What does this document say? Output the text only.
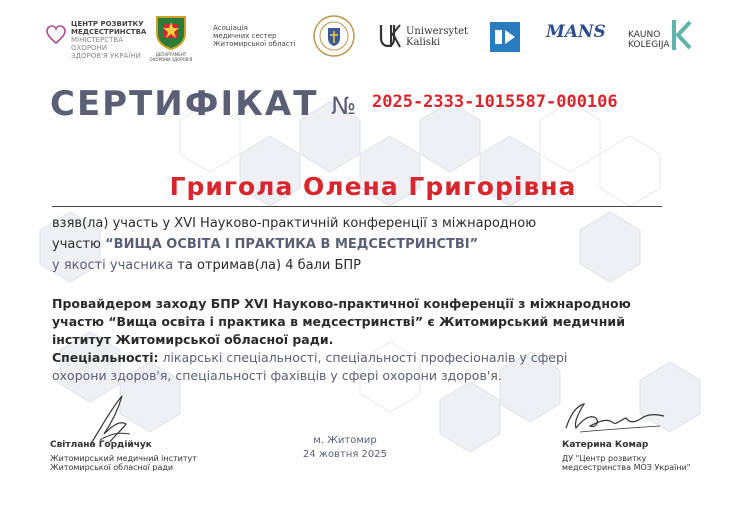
ЦЕНТР РОЗВИТКУ
МЕДСЕСТРИНСТВА
МІНІСТЕРСТВА ОХОРОНИ
ЗДОРОВ'Я УКРАЇНИ	ДЕПАРТАМЕНТ ОХОРОНИ ЗДОРОВ'Я
Асоціація
медичних сестер
Житомирської області
Uniwersytet Kaliski
MANS	KAUNO
KOLEGIJA
СЕРТИФІКАТ № 2025-2333-1015587-000106
Григола Олена Григорівна
взяв(ла) участь у XVI Науково-практичній конференції з міжнародною
участю “ВИЩА ОСВІТА І ПРАКТИКА В МЕДСЕСТРИНСТВІ”
у якості учасника та отримав(ла) 4 бали БПР
Провайдером заходу БПР XVI Науково-практичної конференції з міжнародною
участю “Вища освіта і практика в медсестринстві” є Житомирський медичний
інститут Житомирської обласної ради.
Спеціальності: лікарські спеціальності, спеціальності професіоналів у сфері
охорони здоров'я, спеціальності фахівців у сфері охорони здоров'я.
Світлана Гордійчук
Житомирський медичний інститут
Житомирської обласної ради
м. Житомир
24 жовтня 2025
Катерина Комар
ДУ "Центр розвитку
медсестринства МОЗ України"
